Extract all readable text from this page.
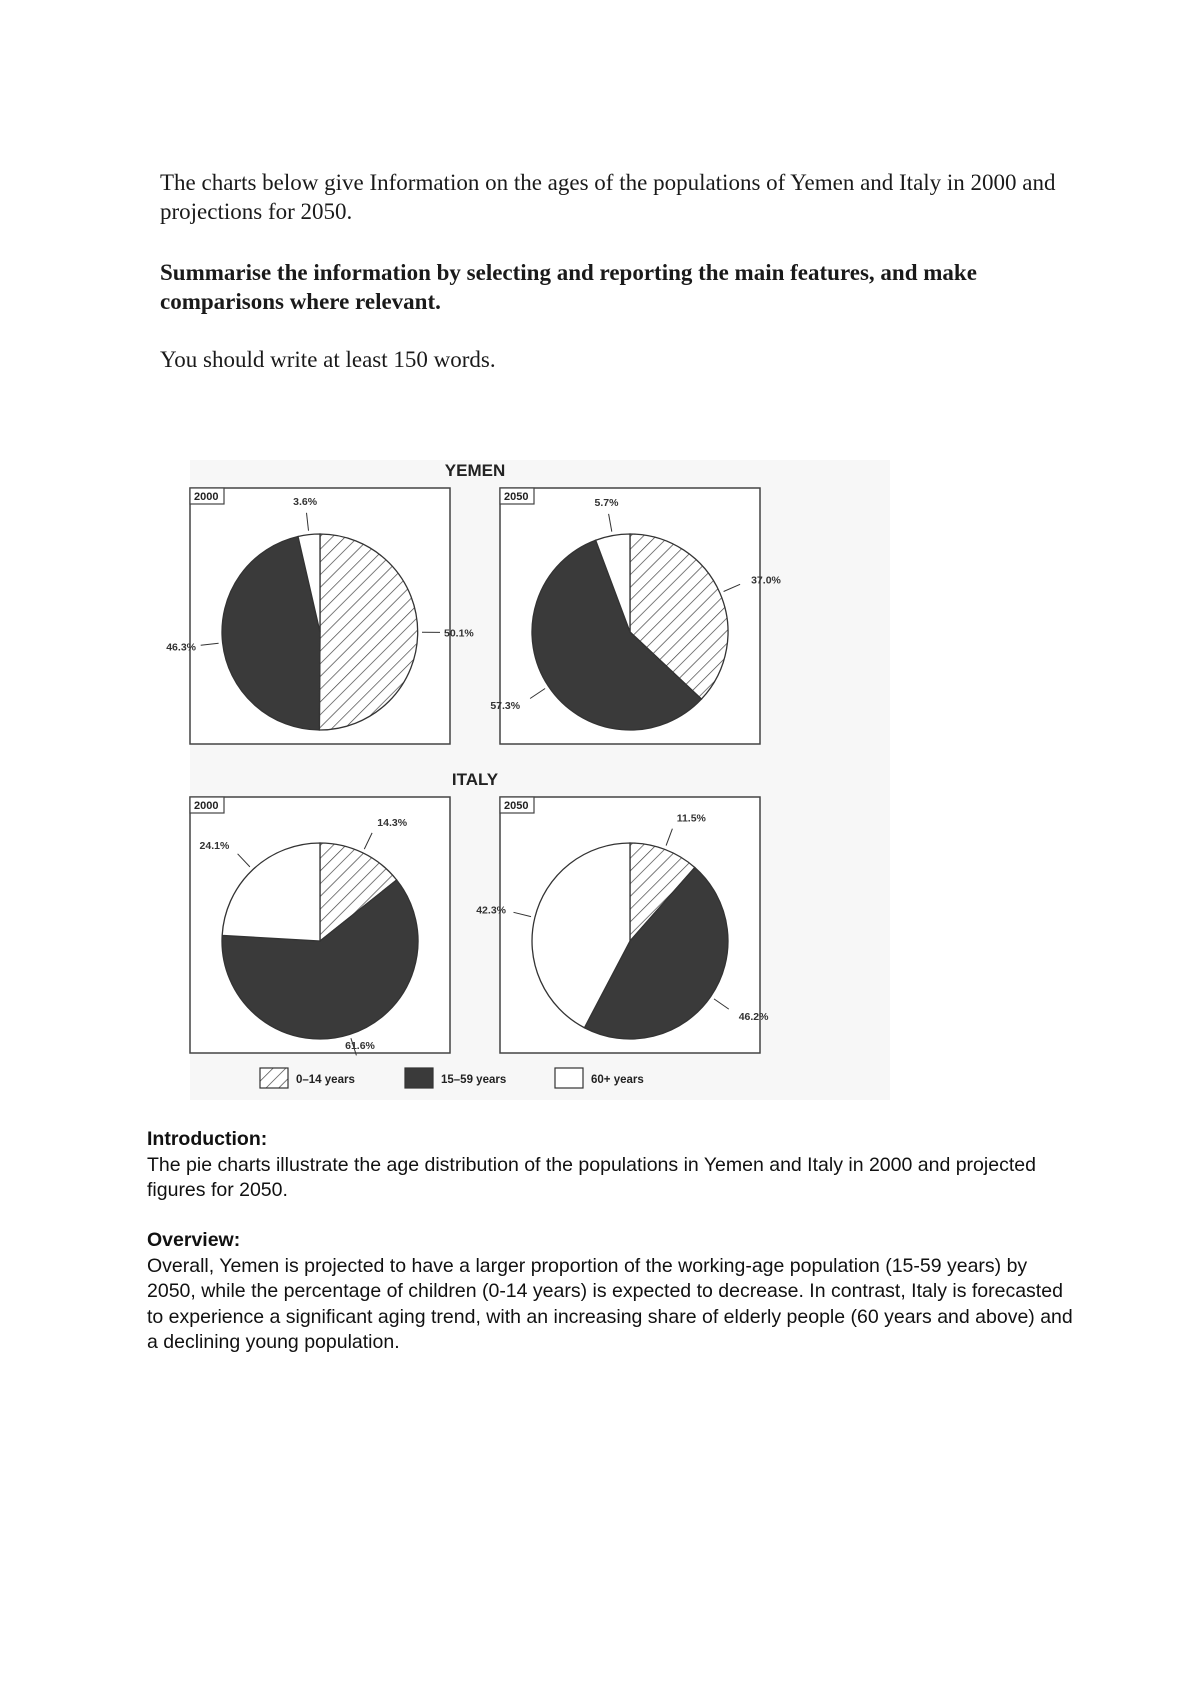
The charts below give Information on the ages of the populations of Yemen and Italy in 2000 and projections for 2050.

Summarise the information by selecting and reporting the main features, and make comparisons where relevant.

You should write at least 150 words.

YEMEN
ITALY
2000
50.1%
46.3%
3.6%	2050
37.0%
57.3%
5.7%
2000
14.3%
61.6%
24.1%
2050
11.5%
46.2%
42.3%
0–14 years	15–59 years	60+ years
Introduction:

The pie charts illustrate the age distribution of the populations in Yemen and Italy in 2000 and projected figures for 2050.

Overview:

Overall, Yemen is projected to have a larger proportion of the working-age population (15-59 years) by 2050, while the percentage of children (0-14 years) is expected to decrease. In contrast, Italy is forecasted to experience a significant aging trend, with an increasing share of elderly people (60 years and above) and a declining young population.
